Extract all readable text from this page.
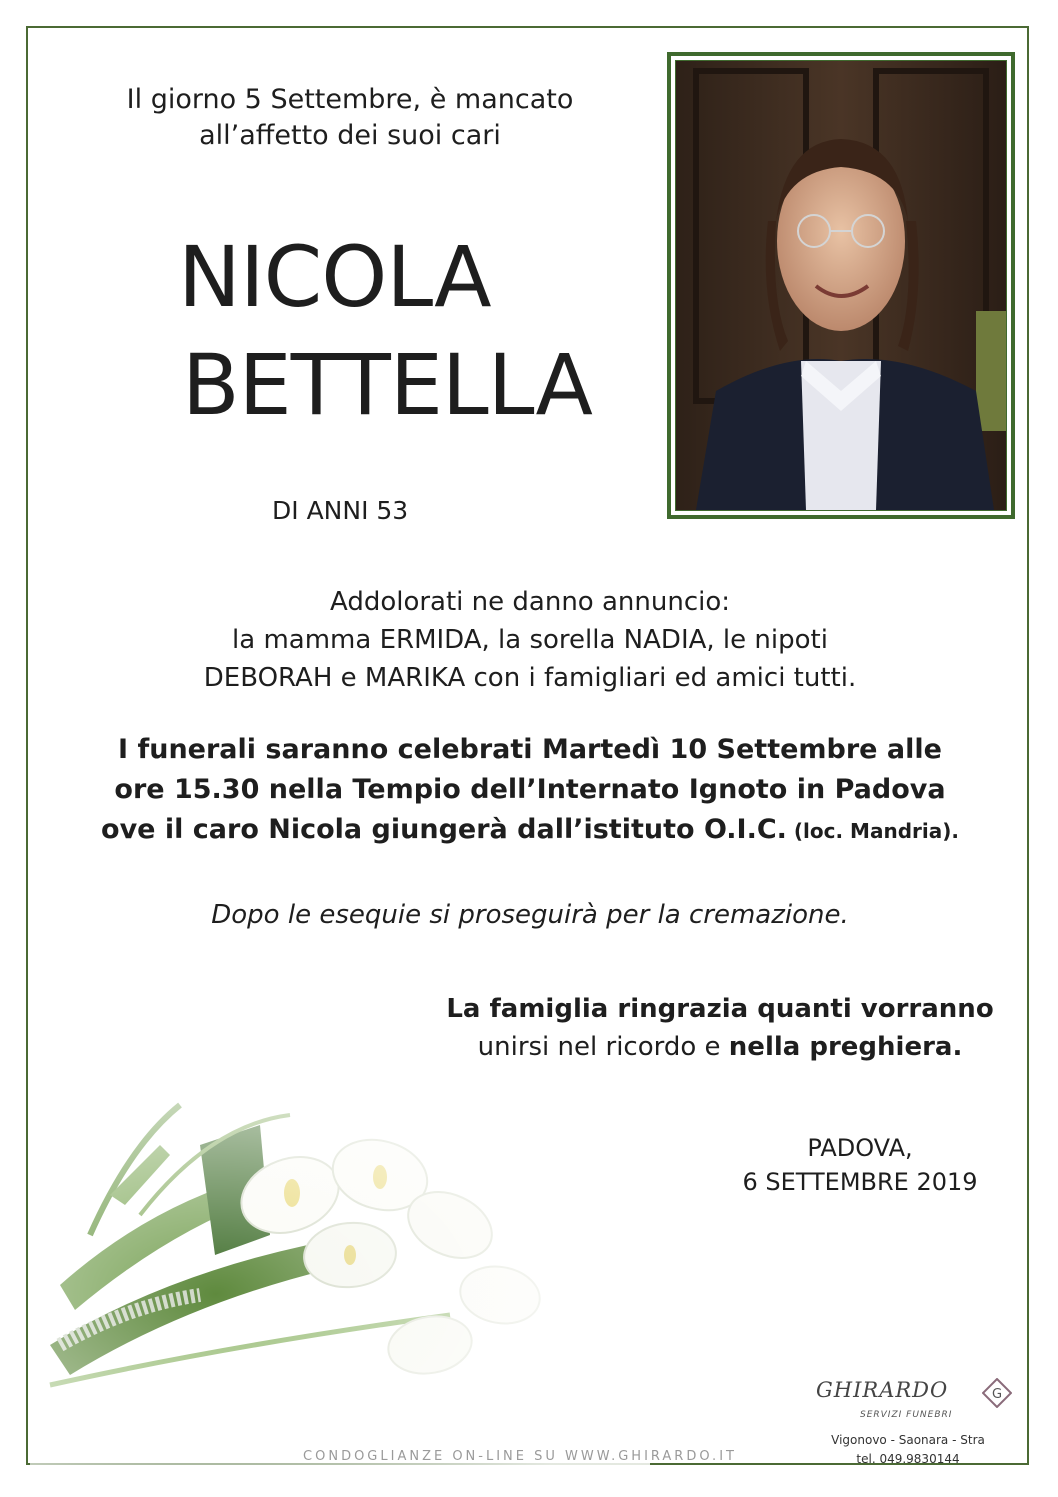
Il giorno 5 Settembre, è mancato
all’affetto dei suoi cari
NICOLA
BETTELLA
DI ANNI 53
Addolorati ne danno annuncio:
la mamma ERMIDA, la sorella NADIA, le nipoti
DEBORAH e MARIKA con i famigliari ed amici tutti.
I funerali saranno celebrati Martedì 10 Settembre alle
ore 15.30 nella Tempio dell’Internato Ignoto in Padova
ove il caro Nicola giungerà dall’istituto O.I.C. (loc. Mandria).
Dopo le esequie si proseguirà per la cremazione.
La famiglia ringrazia quanti vorranno
unirsi nel ricordo e nella preghiera.
PADOVA,
6 SETTEMBRE 2019
CONDOGLIANZE ON-LINE SU WWW.GHIRARDO.IT
GHIRARDO
SERVIZI FUNEBRI
G
Vigonovo - Saonara - Stra
tel. 049.9830144
